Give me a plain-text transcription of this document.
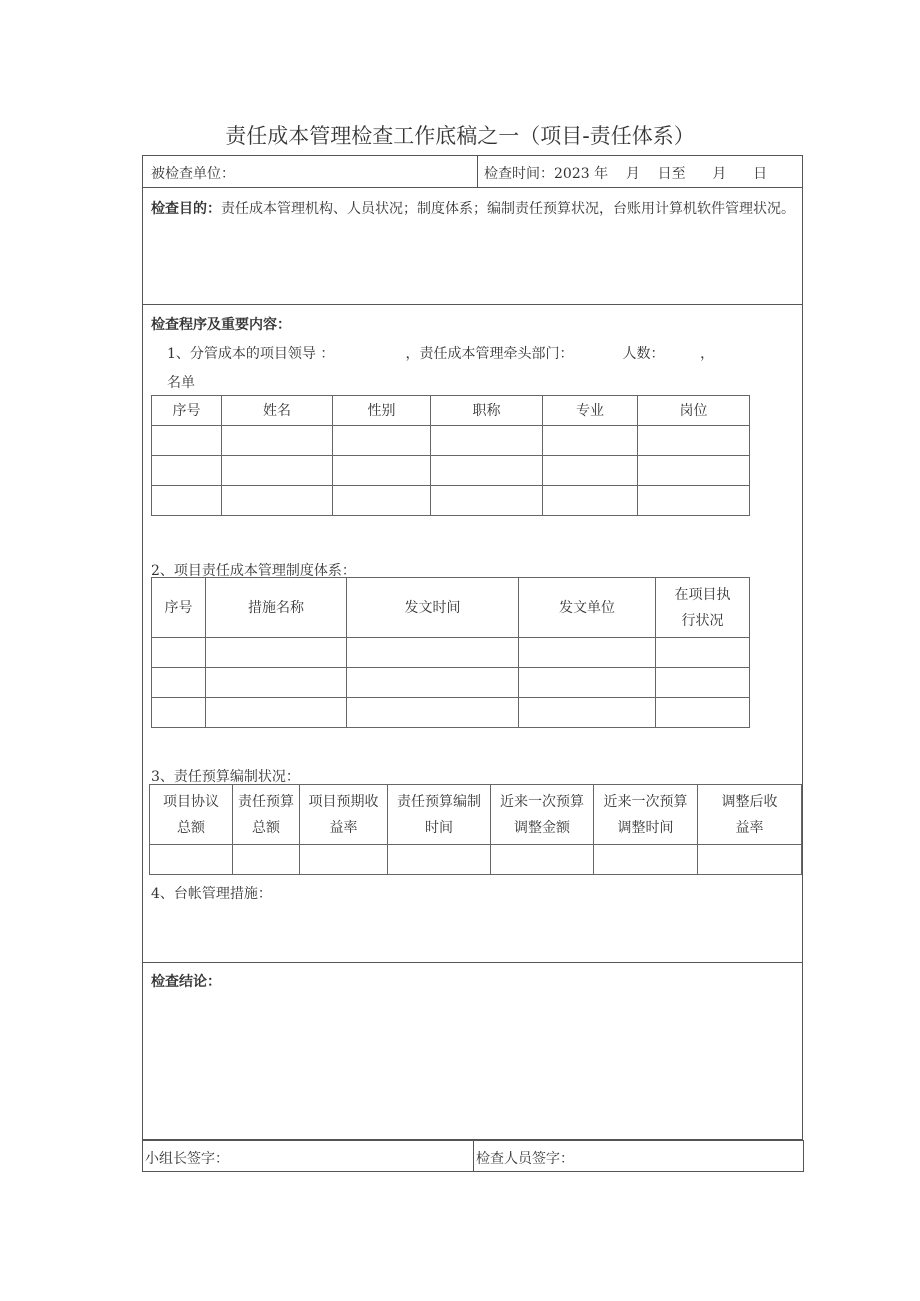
责任成本管理检查工作底稿之一（项目-责任体系）
被检查单位：	检查时间：2023 年    月    日至      月      日

检查目的：责任成本管理机构、人员状况；制度体系；编制责任预算状况，台账用计算机软件管理状况。

检查程序及重要内容：
1、分管成本的项目领导 ：                ，责任成本管理牵头部门：           人数：        ，
名单
序号	姓名	性别	职称	专业	岗位

2、项目责任成本管理制度体系：
序号	措施名称	发文时间	发文单位	在项目执行状况

3、责任预算编制状况：
项目协议总额	责任预算总额	项目预期收益率	责任预算编制时间	近来一次预算调整金额	近来一次预算调整时间	调整后收益率

4、台帐管理措施：
检查结论：
小组长签字：	检查人员签字：
